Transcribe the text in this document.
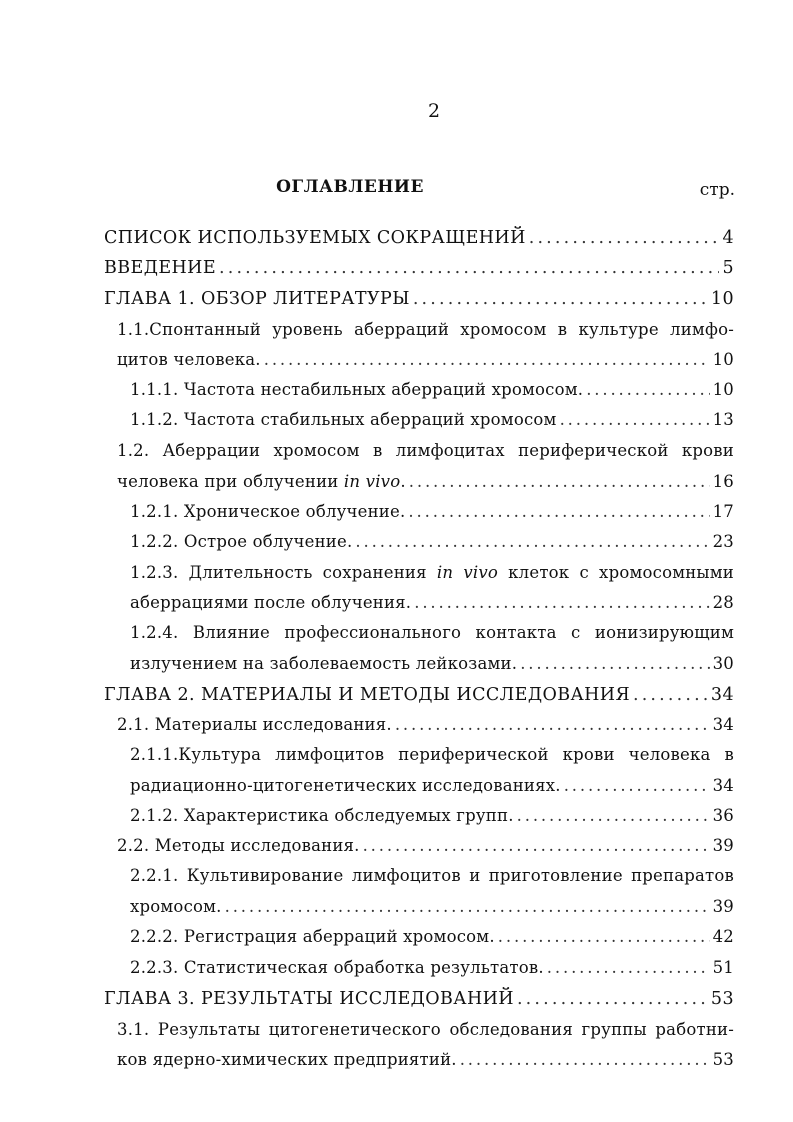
2
ОГЛАВЛЕНИЕ	стр.
СПИСОК ИСПОЛЬЗУЕМЫХ СОКРАЩЕНИЙ . . .	4
ВВЕДЕНИЕ . . .	5
ГЛАВА 1. ОБЗОР ЛИТЕРАТУРЫ . . .	10
1.1.Спонтанный уровень аберраций хромосом в культуре лимфо-
цитов человека. . . .	10
1.1.1. Частота нестабильных аберраций хромосом. . . .	10
1.1.2. Частота стабильных аберраций хромосом . . .	13
1.2. Аберрации хромосом в лимфоцитах периферической крови
человека при облучении in vivo. . . .	16
1.2.1. Хроническое облучение. . . .	17
1.2.2. Острое облучение. . . .	23
1.2.3. Длительность сохранения in vivo клеток с хромосомными
аберрациями после облучения. . . .	28
1.2.4. Влияние профессионального контакта с ионизирующим
излучением на заболеваемость лейкозами. . . .	30
ГЛАВА 2. МАТЕРИАЛЫ И МЕТОДЫ ИССЛЕДОВАНИЯ . . .	34
2.1. Материалы исследования. . . .	34
2.1.1.Культура лимфоцитов периферической крови человека в
радиационно-цитогенетических исследованиях. . . .	34
2.1.2. Характеристика обследуемых групп. . . .	36
2.2. Методы исследования. . . .	39
2.2.1. Культивирование лимфоцитов и приготовление препаратов
хромосом. . . .	39
2.2.2. Регистрация аберраций хромосом. . . .	42
2.2.3. Статистическая обработка результатов. . . .	51
ГЛАВА 3. РЕЗУЛЬТАТЫ ИССЛЕДОВАНИЙ . . .	53
3.1. Результаты цитогенетического обследования группы работни-
ков ядерно-химических предприятий. . . .	53
